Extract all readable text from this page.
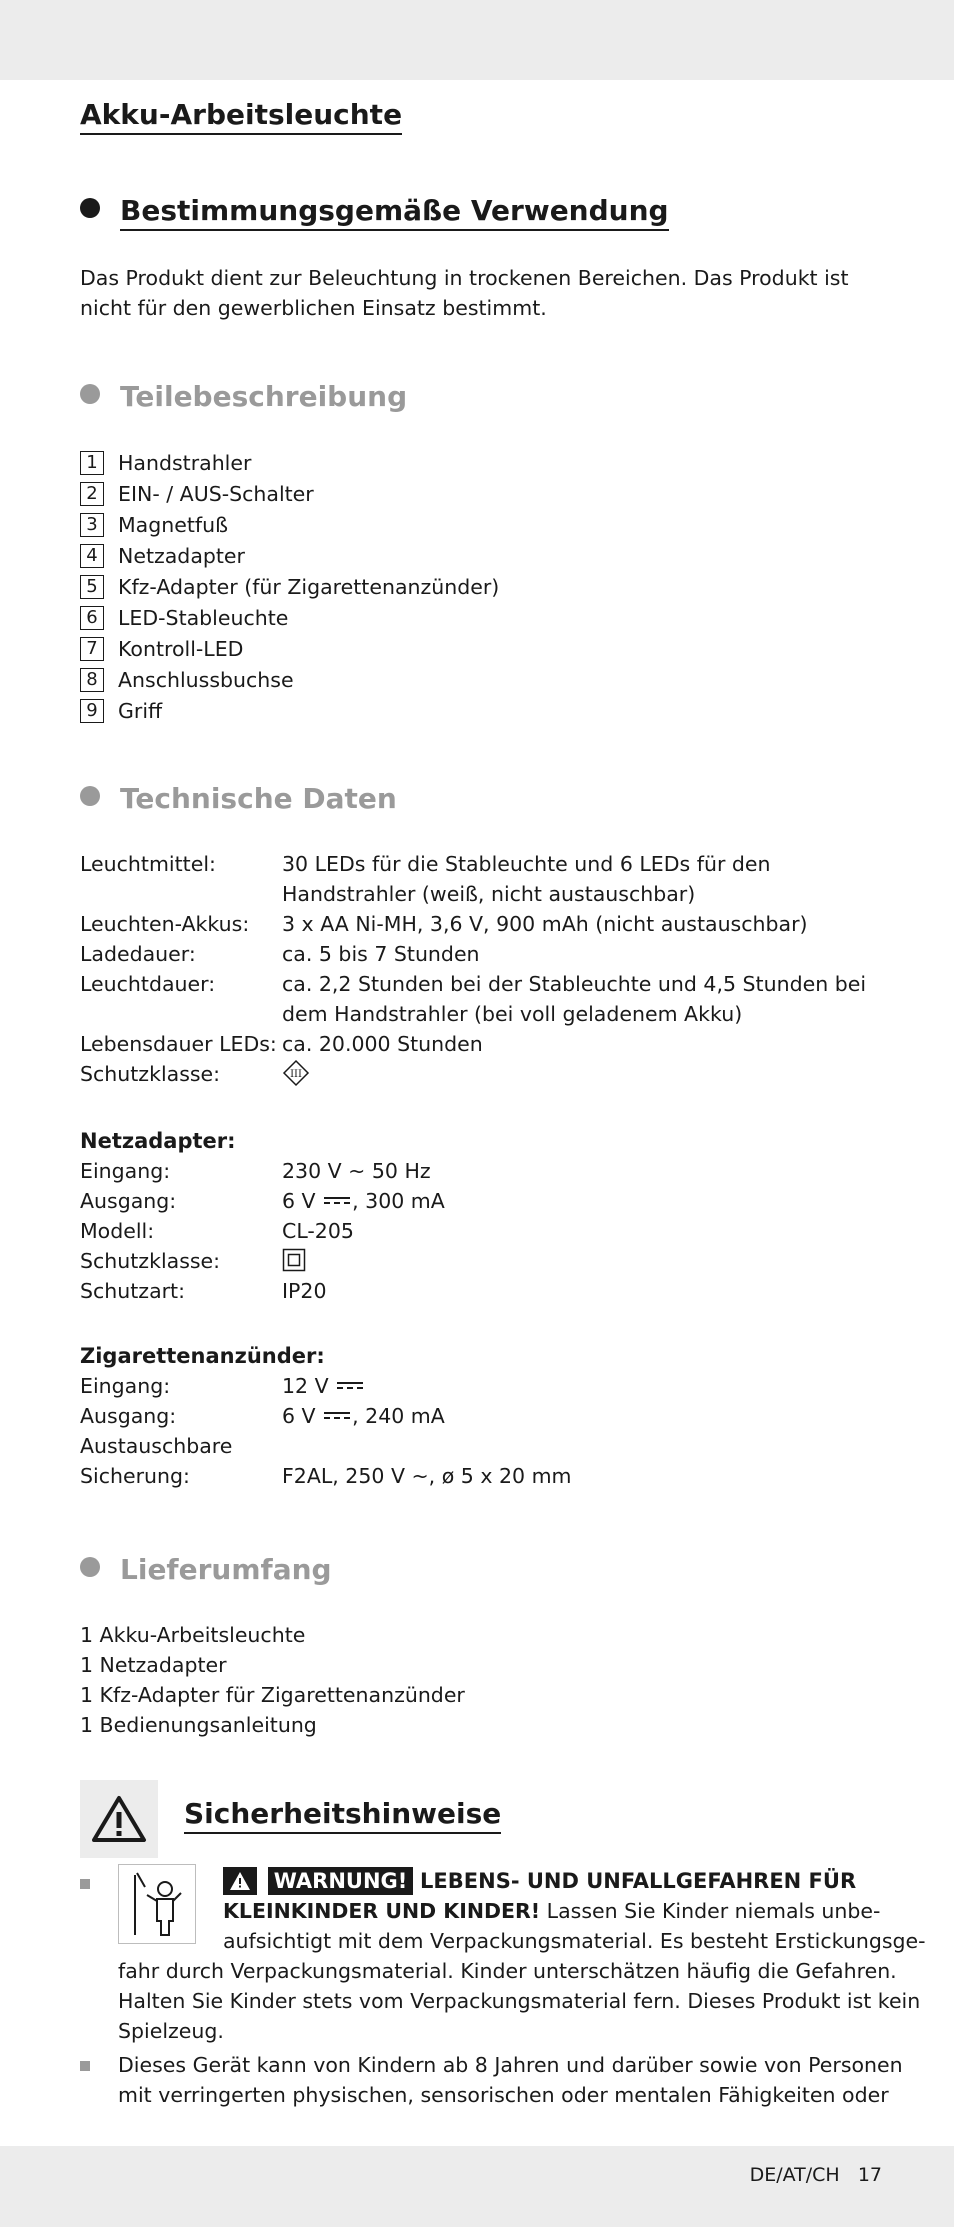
Akku-Arbeitsleuchte
Bestimmungsgemäße Verwendung
Das Produkt dient zur Beleuchtung in trockenen Bereichen. Das Produkt ist nicht für den gewerblichen Einsatz bestimmt.
Teilebeschreibung
1 Handstrahler
2 EIN- / AUS-Schalter
3 Magnetfuß
4 Netzadapter
5 Kfz-Adapter (für Zigarettenanzünder)
6 LED-Stableuchte
7 Kontroll-LED
8 Anschlussbuchse
9 Griff
Technische Daten
Leuchtmittel:	30 LEDs für die Stableuchte und 6 LEDs für den Handstrahler (weiß, nicht austauschbar)
Leuchten-Akkus:	3 x AA Ni-MH, 3,6 V, 900 mAh (nicht austauschbar)
Ladedauer:	ca. 5 bis 7 Stunden
Leuchtdauer:	ca. 2,2 Stunden bei der Stableuchte und 4,5 Stunden bei dem Handstrahler (bei voll geladenem Akku)
Lebensdauer LEDs: ca. 20.000 Stunden
Schutzklasse:	III
Netzadapter:
Eingang:	230 V ~ 50 Hz
Ausgang:	6 V , 300 mA
Modell:	CL-205
Schutzklasse:
Schutzart:	IP20
Zigarettenanzünder:
Eingang:	12 V
Ausgang:	6 V , 240 mA
Austauschbare
Sicherung:	F2AL, 250 V ~, ø 5 x 20 mm
Lieferumfang
1 Akku-Arbeitsleuchte
1 Netzadapter
1 Kfz-Adapter für Zigarettenanzünder
1 Bedienungsanleitung
Sicherheitshinweise
WARNUNG! LEBENS- UND UNFALLGEFAHREN FÜR
KLEINKINDER UND KINDER! Lassen Sie Kinder niemals unbe-
aufsichtigt mit dem Verpackungsmaterial. Es besteht Erstickungsge-
fahr durch Verpackungsmaterial. Kinder unterschätzen häufig die Gefahren.
Halten Sie Kinder stets vom Verpackungsmaterial fern. Dieses Produkt ist kein
Spielzeug.
Dieses Gerät kann von Kindern ab 8 Jahren und darüber sowie von Personen
mit verringerten physischen, sensorischen oder mentalen Fähigkeiten oder
DE/AT/CH 17
